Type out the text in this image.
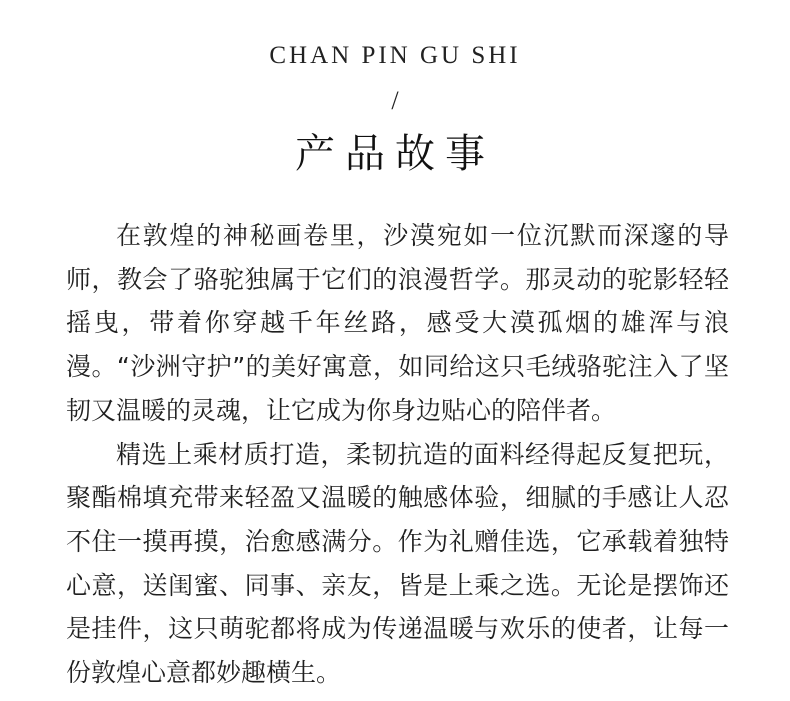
CHAN PIN GU SHI
/
产品故事

在敦煌的神秘画卷里，沙漠宛如一位沉默而深邃的导师，教会了骆驼独属于它们的浪漫哲学。那灵动的驼影轻轻摇曳，带着你穿越千年丝路，感受大漠孤烟的雄浑与浪漫。“沙洲守护”的美好寓意，如同给这只毛绒骆驼注入了坚韧又温暖的灵魂，让它成为你身边贴心的陪伴者。

精选上乘材质打造，柔韧抗造的面料经得起反复把玩，聚酯棉填充带来轻盈又温暖的触感体验，细腻的手感让人忍不住一摸再摸，治愈感满分。作为礼赠佳选，它承载着独特心意，送闺蜜、同事、亲友，皆是上乘之选。无论是摆饰还是挂件，这只萌驼都将成为传递温暖与欢乐的使者，让每一份敦煌心意都妙趣横生。
